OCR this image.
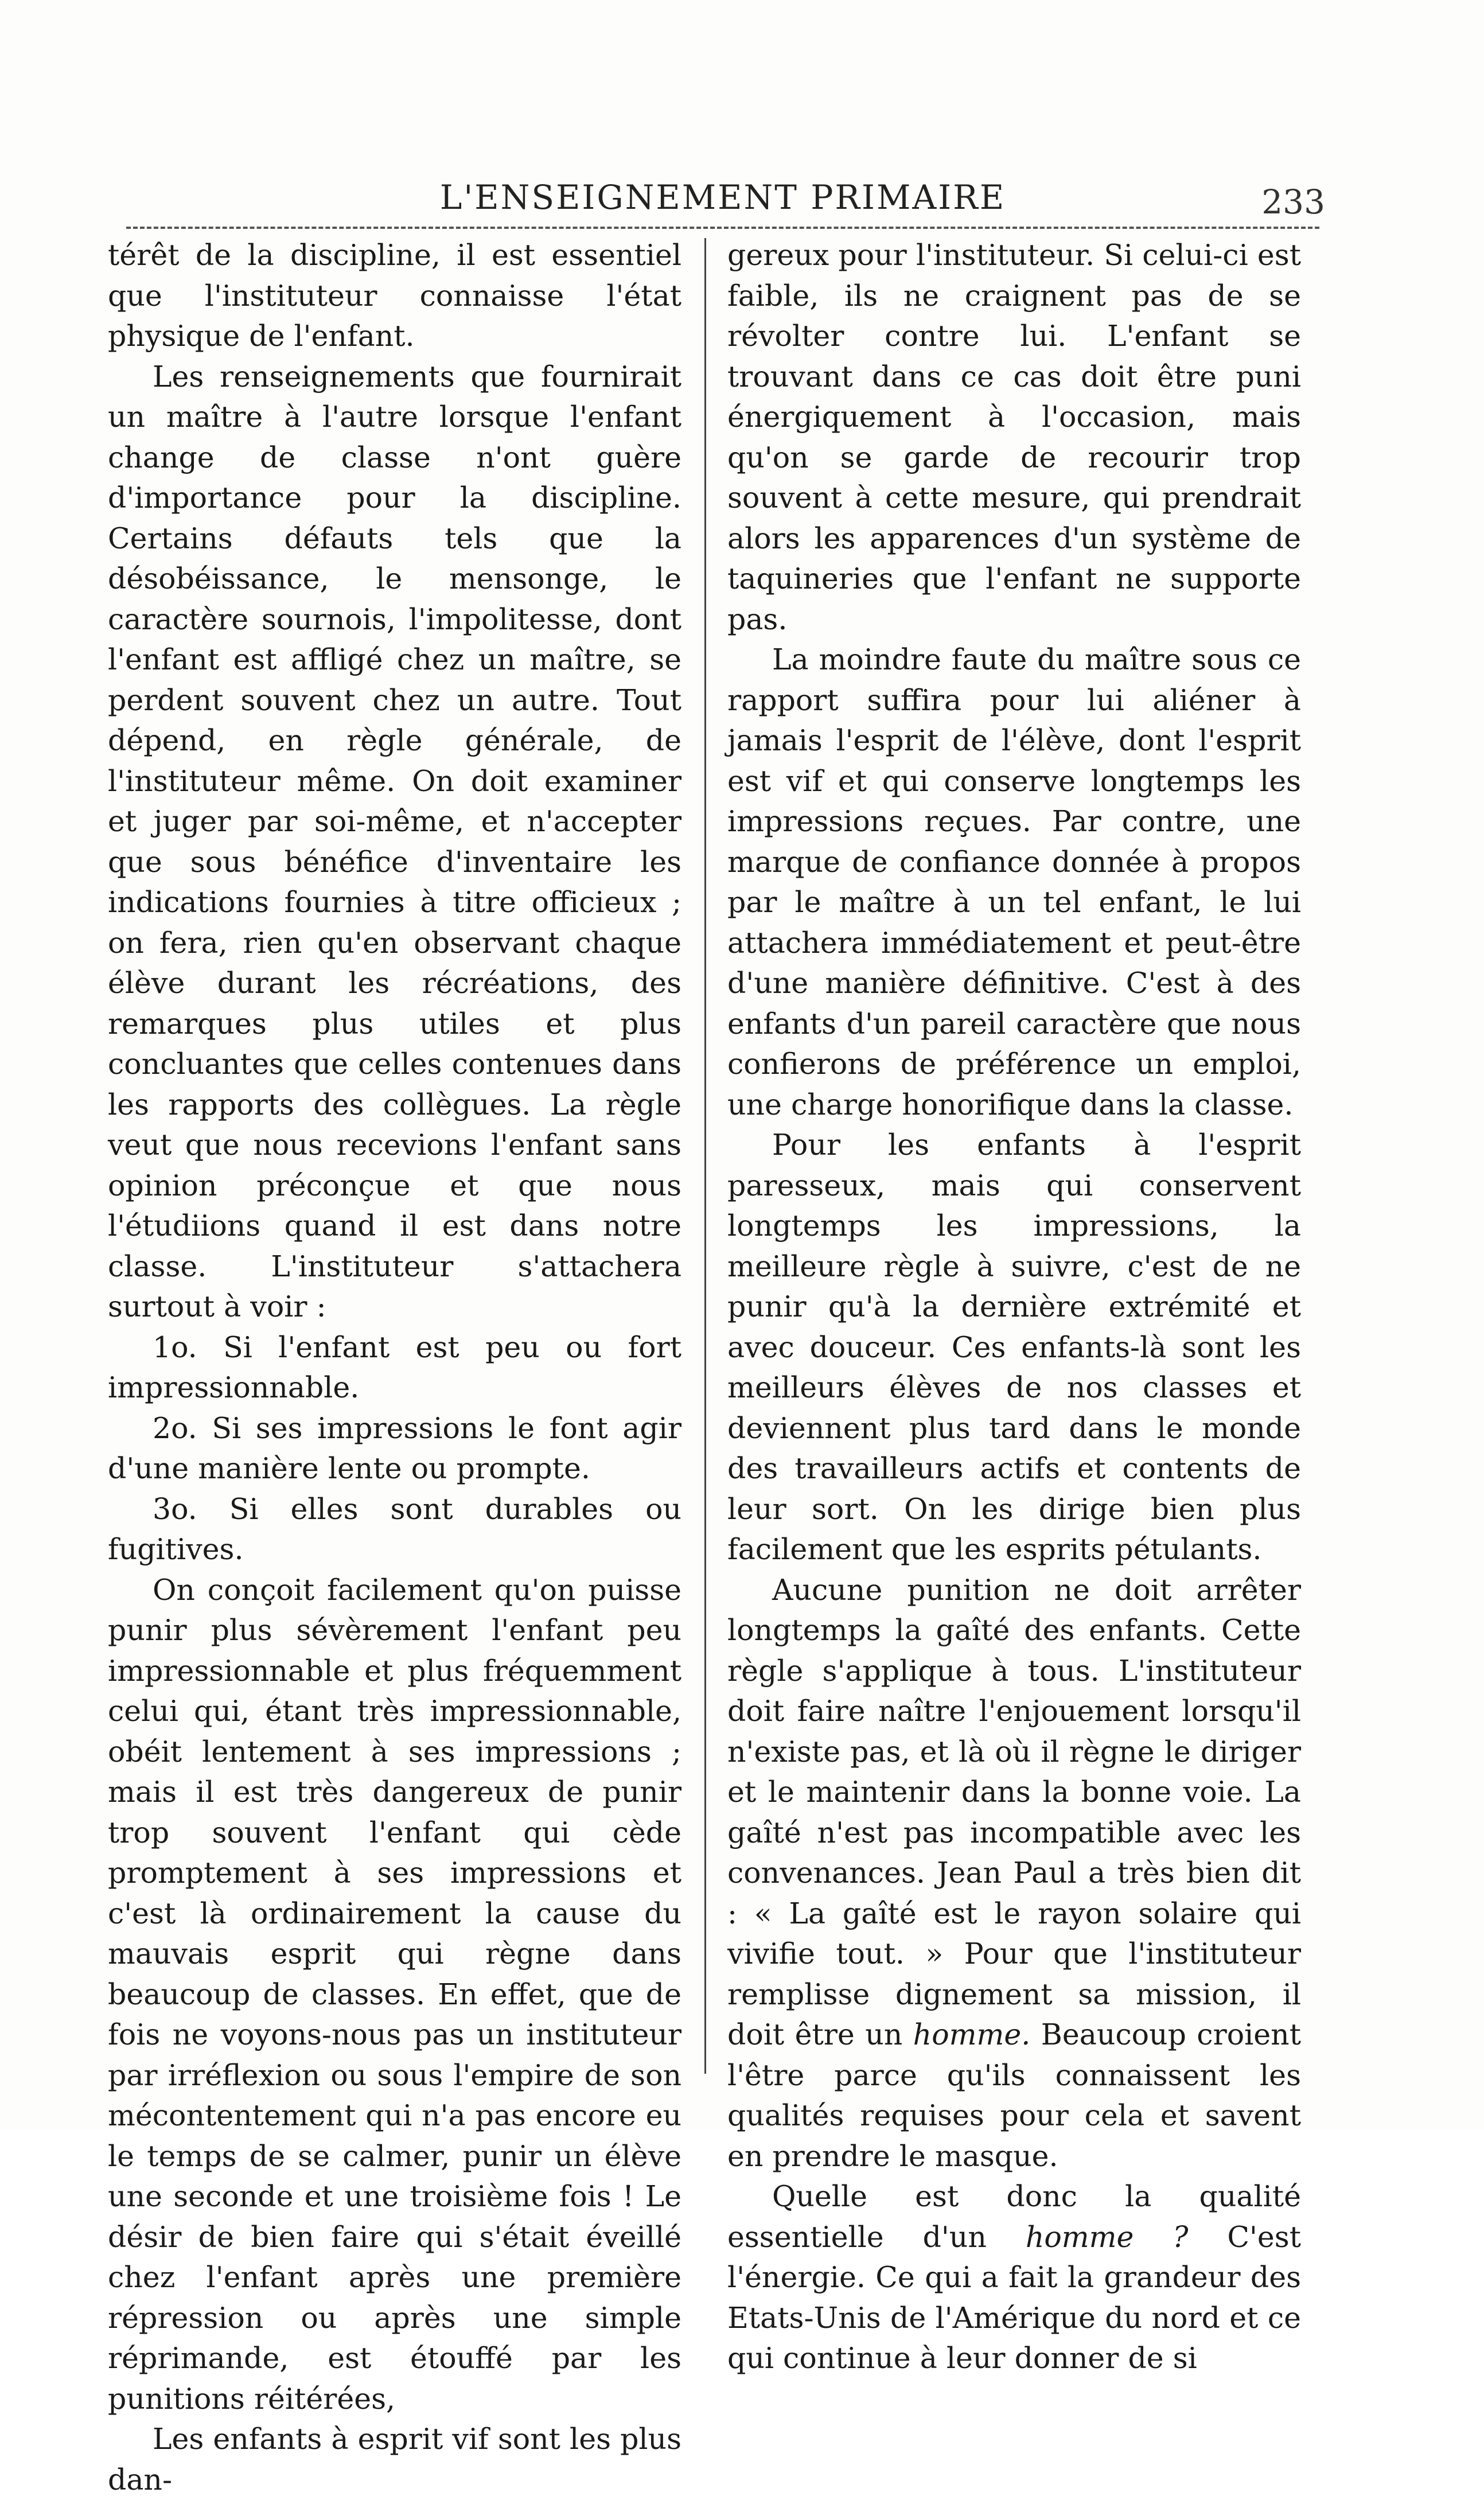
L'ENSEIGNEMENT PRIMAIRE	233

térêt de la discipline, il est essentiel que l'instituteur connaisse l'état physique de l'enfant.

Les renseignements que fournirait un maître à l'autre lorsque l'enfant change de classe n'ont guère d'importance pour la discipline. Certains défauts tels que la désobéissance, le mensonge, le caractère sournois, l'impolitesse, dont l'enfant est affligé chez un maître, se perdent souvent chez un autre. Tout dépend, en règle générale, de l'instituteur même. On doit examiner et juger par soi-même, et n'accepter que sous bénéfice d'inventaire les indications fournies à titre officieux ; on fera, rien qu'en observant chaque élève durant les récréations, des remarques plus utiles et plus concluantes que celles contenues dans les rapports des collègues. La règle veut que nous recevions l'enfant sans opinion préconçue et que nous l'étudiions quand il est dans notre classe. L'instituteur s'attachera surtout à voir :

1o. Si l'enfant est peu ou fort impressionnable.

2o. Si ses impressions le font agir d'une manière lente ou prompte.

3o. Si elles sont durables ou fugitives.

On conçoit facilement qu'on puisse punir plus sévèrement l'enfant peu impressionnable et plus fréquemment celui qui, étant très impressionnable, obéit lentement à ses impressions ; mais il est très dangereux de punir trop souvent l'enfant qui cède promptement à ses impressions et c'est là ordinairement la cause du mauvais esprit qui règne dans beaucoup de classes. En effet, que de fois ne voyons-nous pas un instituteur par irréflexion ou sous l'empire de son mécontentement qui n'a pas encore eu le temps de se calmer, punir un élève une seconde et une troisième fois ! Le désir de bien faire qui s'était éveillé chez l'enfant après une première répression ou après une simple réprimande, est étouffé par les punitions réitérées,

Les enfants à esprit vif sont les plus dan-

gereux pour l'instituteur. Si celui-ci est faible, ils ne craignent pas de se révolter contre lui. L'enfant se trouvant dans ce cas doit être puni énergiquement à l'occasion, mais qu'on se garde de recourir trop souvent à cette mesure, qui prendrait alors les apparences d'un système de taquineries que l'enfant ne supporte pas.

La moindre faute du maître sous ce rapport suffira pour lui aliéner à jamais l'esprit de l'élève, dont l'esprit est vif et qui conserve longtemps les impressions reçues. Par contre, une marque de confiance donnée à propos par le maître à un tel enfant, le lui attachera immédiatement et peut-être d'une manière définitive. C'est à des enfants d'un pareil caractère que nous confierons de préférence un emploi, une charge honorifique dans la classe.

Pour les enfants à l'esprit paresseux, mais qui conservent longtemps les impressions, la meilleure règle à suivre, c'est de ne punir qu'à la dernière extrémité et avec douceur. Ces enfants-là sont les meilleurs élèves de nos classes et deviennent plus tard dans le monde des travailleurs actifs et contents de leur sort. On les dirige bien plus facilement que les esprits pétulants.

Aucune punition ne doit arrêter longtemps la gaîté des enfants. Cette règle s'applique à tous. L'instituteur doit faire naître l'enjouement lorsqu'il n'existe pas, et là où il règne le diriger et le maintenir dans la bonne voie. La gaîté n'est pas incompatible avec les convenances. Jean Paul a très bien dit : « La gaîté est le rayon solaire qui vivifie tout. » Pour que l'instituteur remplisse dignement sa mission, il doit être un homme. Beaucoup croient l'être parce qu'ils connaissent les qualités requises pour cela et savent en prendre le masque.

Quelle est donc la qualité essentielle d'un homme ? C'est l'énergie. Ce qui a fait la grandeur des Etats-Unis de l'Amérique du nord et ce qui continue à leur donner de si
